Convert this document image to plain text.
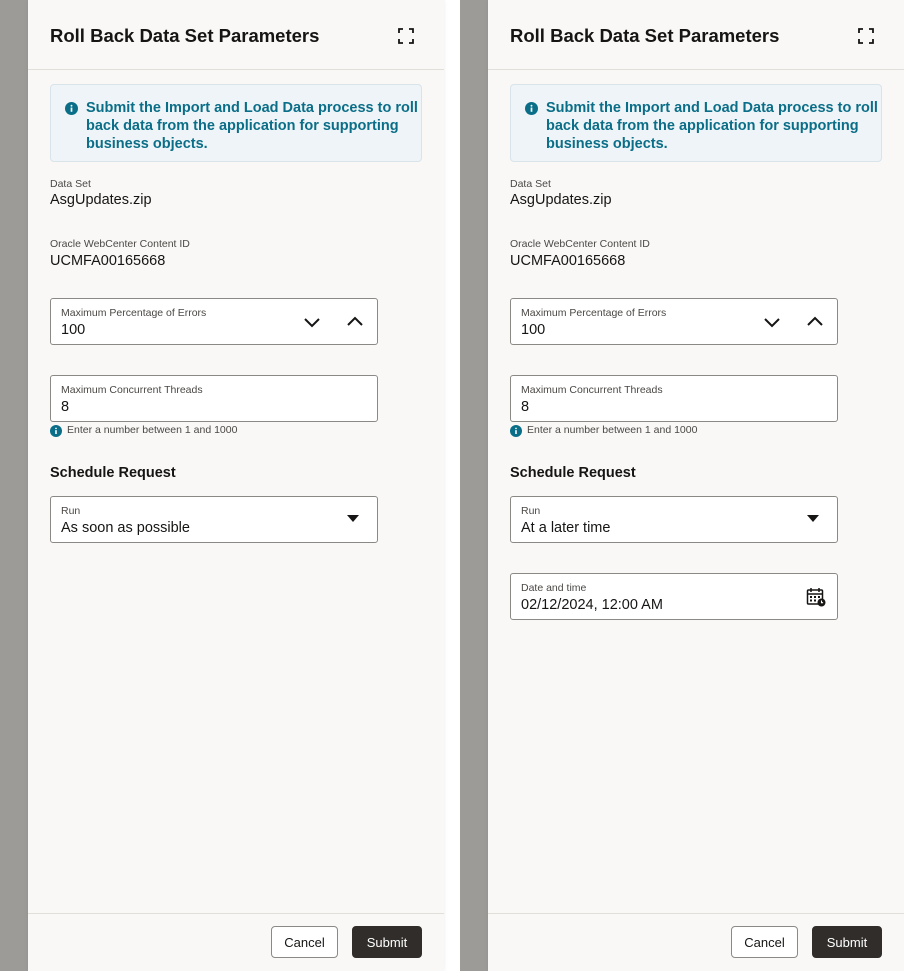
Roll Back Data Set Parameters
Submit the Import and Load Data process to roll back data from the application for supporting business objects.
Data Set
AsgUpdates.zip
Oracle WebCenter Content ID
UCMFA00165668
Maximum Percentage of Errors
100
Maximum Concurrent Threads
8
Enter a number between 1 and 1000
Schedule Request
Run
As soon as possible
Cancel	Submit
Roll Back Data Set Parameters
Submit the Import and Load Data process to roll back data from the application for supporting business objects.
Data Set
AsgUpdates.zip
Oracle WebCenter Content ID
UCMFA00165668
Maximum Percentage of Errors
100
Maximum Concurrent Threads
8
Enter a number between 1 and 1000
Schedule Request
Run
At a later time
Date and time
02/12/2024, 12:00 AM
Cancel	Submit
